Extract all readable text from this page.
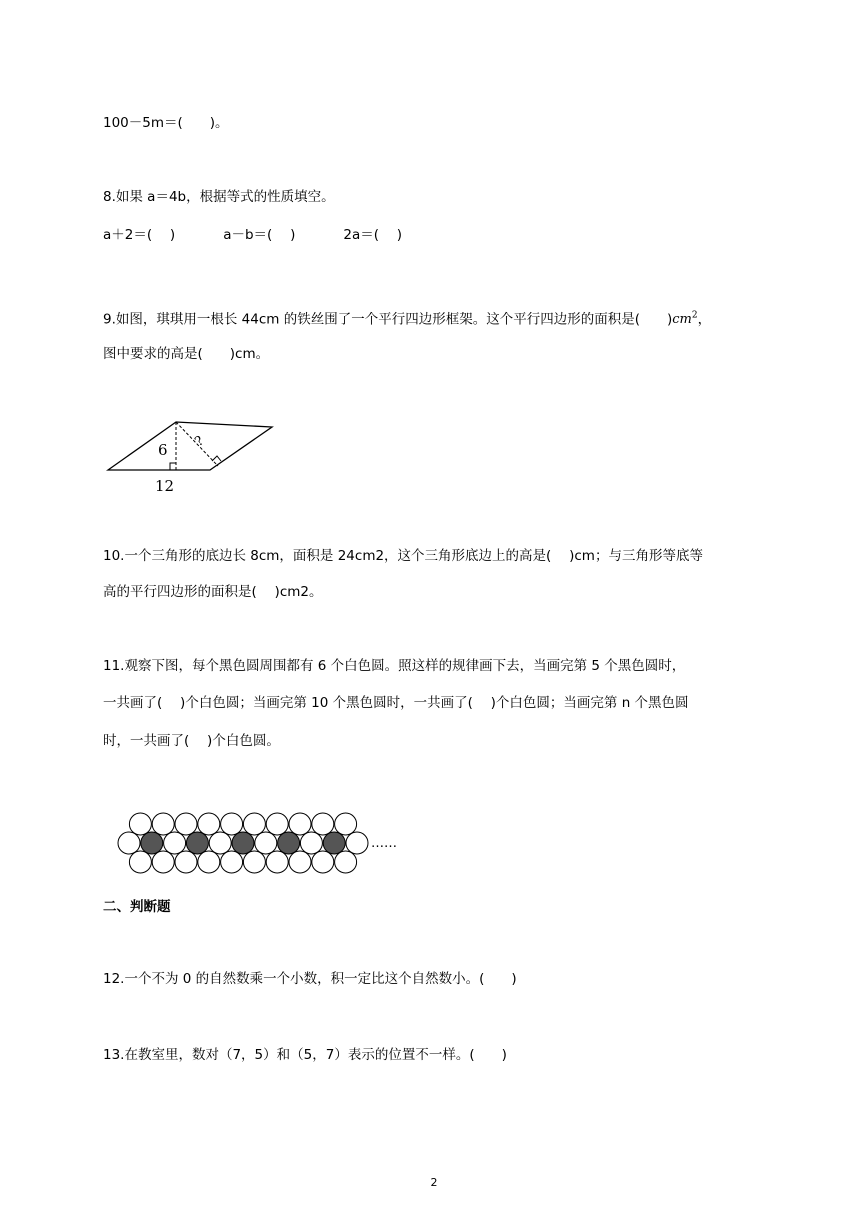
100－5m＝(　　)。
8.如果 a＝4b，根据等式的性质填空。
a＋2＝(　 )	a－b＝(　 )	2a＝(　 )
9.如图，琪琪用一根长 44cm 的铁丝围了一个平行四边形框架。这个平行四边形的面积是(　　)$cm^2$，
图中要求的高是(　　)cm。
6 ?
12
10.一个三角形的底边长 8cm，面积是 24cm2，这个三角形底边上的高是(　 )cm；与三角形等底等
高的平行四边形的面积是(　 )cm2。
11.观察下图，每个黑色圆周围都有 6 个白色圆。照这样的规律画下去，当画完第 5 个黑色圆时，
一共画了(　 )个白色圆；当画完第 10 个黑色圆时，一共画了(　 )个白色圆；当画完第 n 个黑色圆
时，一共画了(　 )个白色圆。
……
二、判断题
12.一个不为 0 的自然数乘一个小数，积一定比这个自然数小。(　　)
13.在教室里，数对（7，5）和（5，7）表示的位置不一样。(　　)
2
